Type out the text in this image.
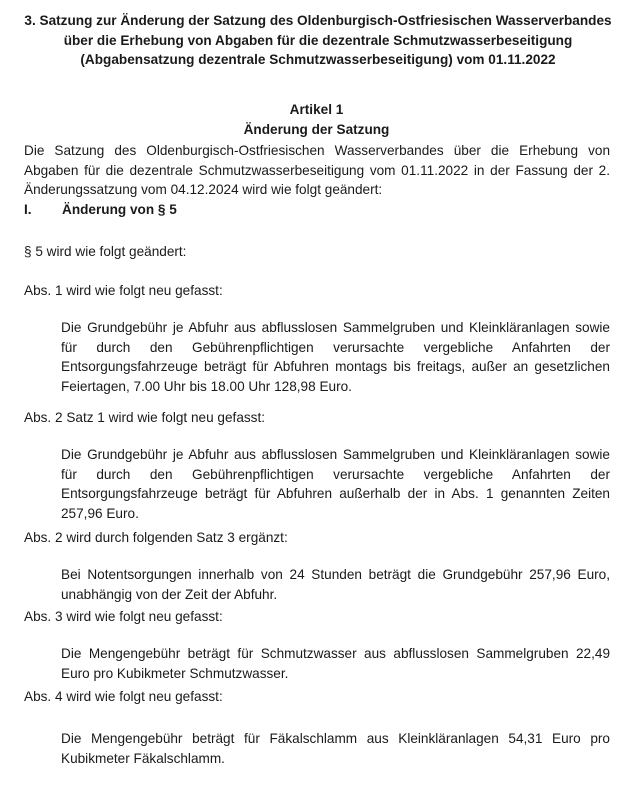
3. Satzung zur Änderung der Satzung des Oldenburgisch-Ostfriesischen Wasserverbandes
über die Erhebung von Abgaben für die dezentrale Schmutzwasserbeseitigung
(Abgabensatzung dezentrale Schmutzwasserbeseitigung) vom 01.11.2022
Artikel 1
Änderung der Satzung
Die Satzung des Oldenburgisch-Ostfriesischen Wasserverbandes über die Erhebung von Abgaben für die dezentrale Schmutzwasserbeseitigung vom 01.11.2022 in der Fassung der 2. Änderungssatzung vom 04.12.2024 wird wie folgt geändert:
I. Änderung von § 5
§ 5 wird wie folgt geändert:
Abs. 1 wird wie folgt neu gefasst:
Die Grundgebühr je Abfuhr aus abflusslosen Sammelgruben und Kleinkläranlagen sowie für durch den Gebührenpflichtigen verursachte vergebliche Anfahrten der Entsorgungsfahrzeuge beträgt für Abfuhren montags bis freitags, außer an gesetzlichen Feiertagen, 7.00 Uhr bis 18.00 Uhr 128,98 Euro.
Abs. 2 Satz 1 wird wie folgt neu gefasst:
Die Grundgebühr je Abfuhr aus abflusslosen Sammelgruben und Kleinkläranlagen sowie für durch den Gebührenpflichtigen verursachte vergebliche Anfahrten der Entsorgungsfahrzeuge beträgt für Abfuhren außerhalb der in Abs. 1 genannten Zeiten 257,96 Euro.
Abs. 2 wird durch folgenden Satz 3 ergänzt:
Bei Notentsorgungen innerhalb von 24 Stunden beträgt die Grundgebühr 257,96 Euro, unabhängig von der Zeit der Abfuhr.
Abs. 3 wird wie folgt neu gefasst:
Die Mengengebühr beträgt für Schmutzwasser aus abflusslosen Sammelgruben 22,49 Euro pro Kubikmeter Schmutzwasser.
Abs. 4 wird wie folgt neu gefasst:
Die Mengengebühr beträgt für Fäkalschlamm aus Kleinkläranlagen 54,31 Euro pro Kubikmeter Fäkalschlamm.
